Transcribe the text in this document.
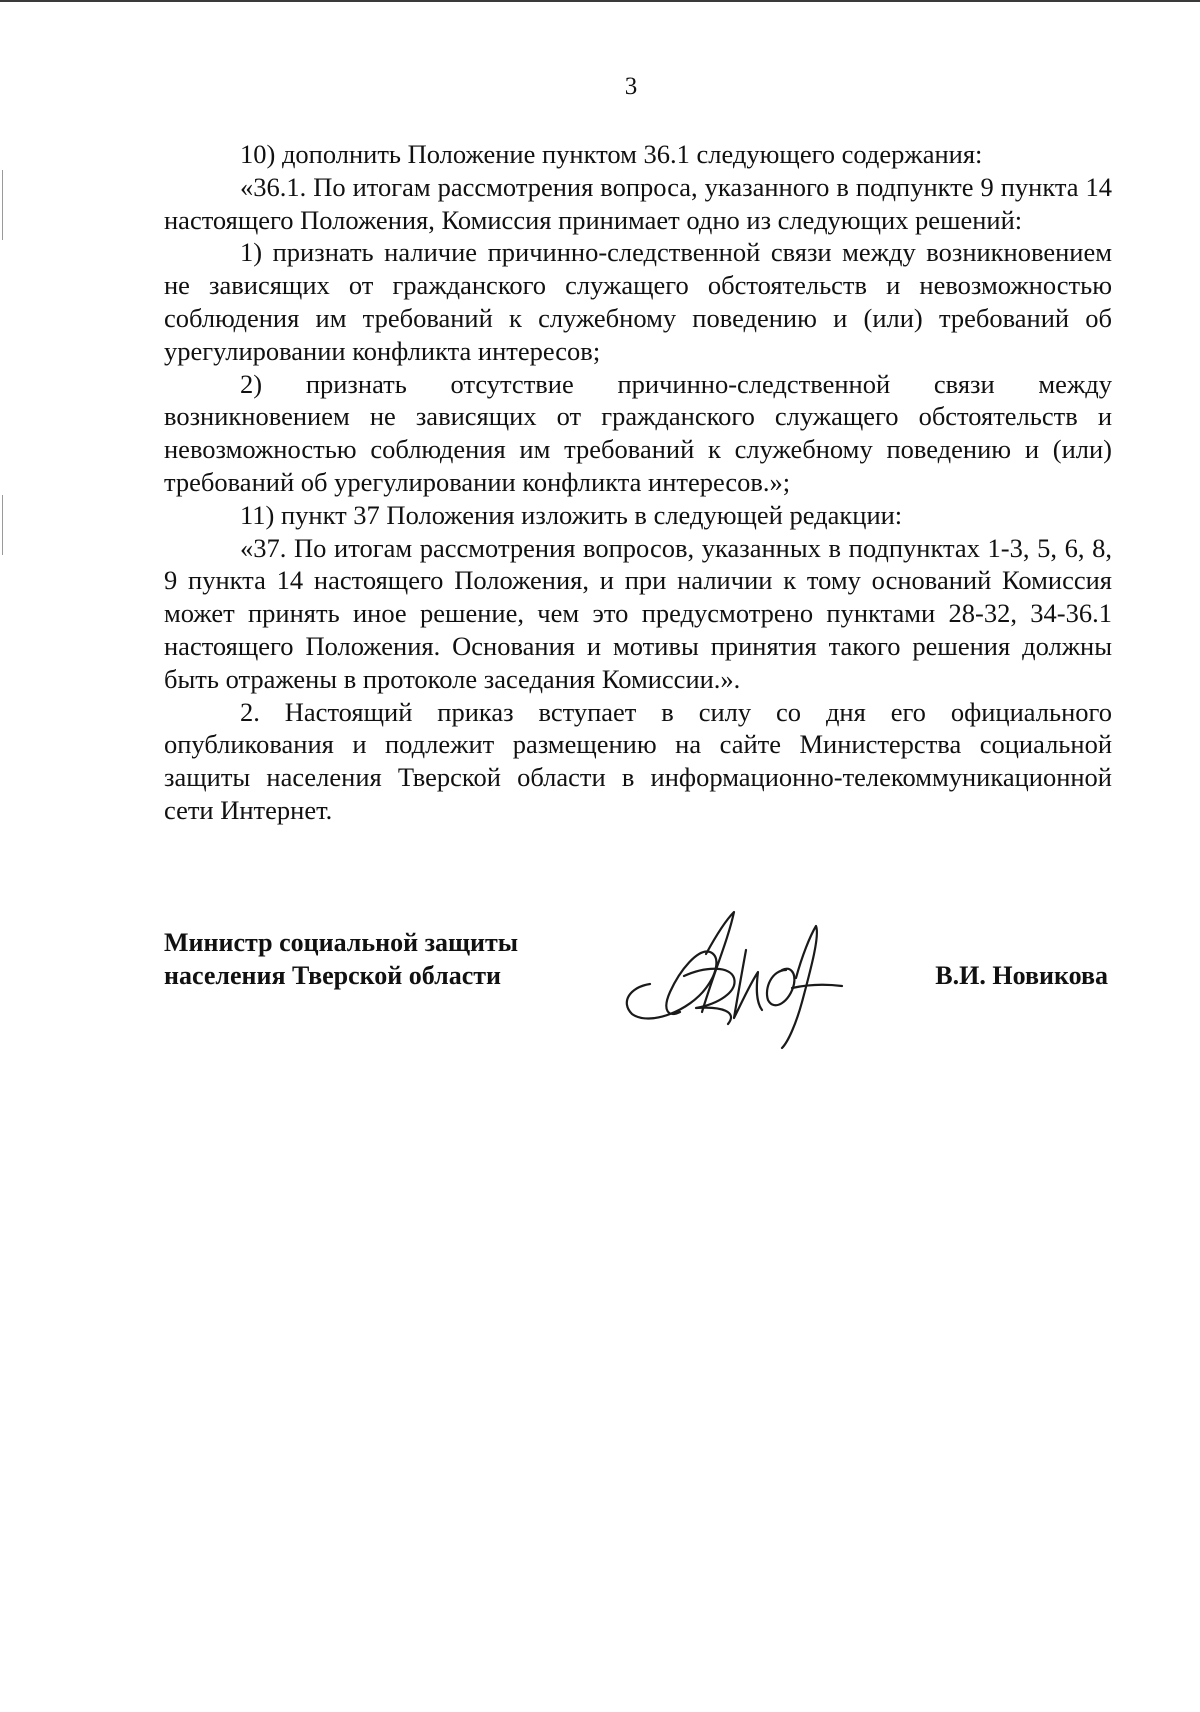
3

10) дополнить Положение пунктом 36.1 следующего содержания:

«36.1. По итогам рассмотрения вопроса, указанного в подпункте 9 пункта 14 настоящего Положения, Комиссия принимает одно из следующих решений:

1) признать наличие причинно-следственной связи между возникновением не зависящих от гражданского служащего обстоятельств и невозможностью соблюдения им требований к служебному поведению и (или) требований об урегулировании конфликта интересов;

2) признать отсутствие причинно-следственной связи между возникновением не зависящих от гражданского служащего обстоятельств и невозможностью соблюдения им требований к служебному поведению и (или) требований об урегулировании конфликта интересов.»;

11) пункт 37 Положения изложить в следующей редакции:

«37. По итогам рассмотрения вопросов, указанных в подпунктах 1-3, 5, 6, 8, 9 пункта 14 настоящего Положения, и при наличии к тому оснований Комиссия может принять иное решение, чем это предусмотрено пунктами 28-32, 34-36.1 настоящего Положения. Основания и мотивы принятия такого решения должны быть отражены в протоколе заседания Комиссии.».

2. Настоящий приказ вступает в силу со дня его официального опубликования и подлежит размещению на сайте Министерства социальной защиты населения Тверской области в информационно-телекоммуникационной сети Интернет.

Министр социальной защиты
населения Тверской области	В.И. Новикова
